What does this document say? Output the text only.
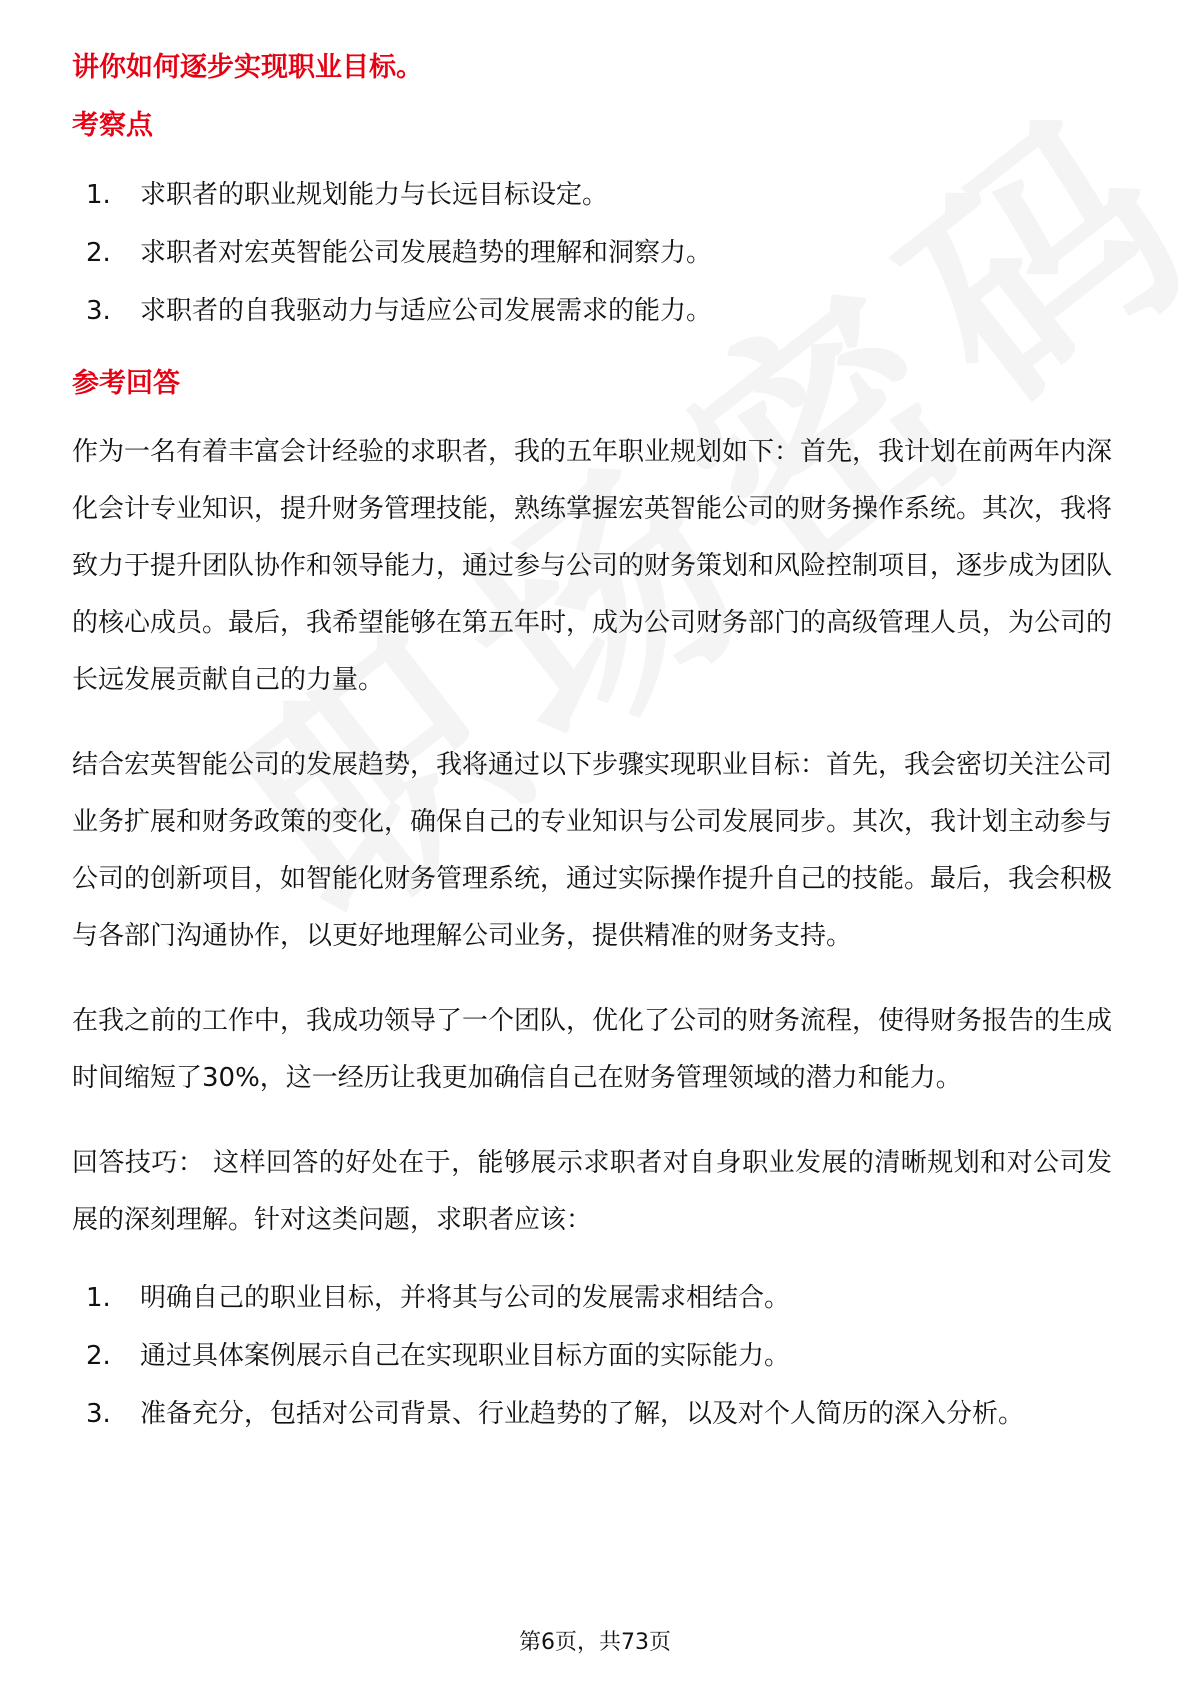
讲你如何逐步实现职业目标。
考察点
1.	求职者的职业规划能力与长远目标设定。
2.	求职者对宏英智能公司发展趋势的理解和洞察力。
3.	求职者的自我驱动力与适应公司发展需求的能力。
参考回答

作为一名有着丰富会计经验的求职者，我的五年职业规划如下：首先，我计划在前两年内深化会计专业知识，提升财务管理技能，熟练掌握宏英智能公司的财务操作系统。其次，我将致力于提升团队协作和领导能力，通过参与公司的财务策划和风险控制项目，逐步成为团队的核心成员。最后，我希望能够在第五年时，成为公司财务部门的高级管理人员，为公司的长远发展贡献自己的力量。

结合宏英智能公司的发展趋势，我将通过以下步骤实现职业目标：首先，我会密切关注公司业务扩展和财务政策的变化，确保自己的专业知识与公司发展同步。其次，我计划主动参与公司的创新项目，如智能化财务管理系统，通过实际操作提升自己的技能。最后，我会积极与各部门沟通协作，以更好地理解公司业务，提供精准的财务支持。

在我之前的工作中，我成功领导了一个团队，优化了公司的财务流程，使得财务报告的生成时间缩短了30%，这一经历让我更加确信自己在财务管理领域的潜力和能力。

回答技巧： 这样回答的好处在于，能够展示求职者对自身职业发展的清晰规划和对公司发展的深刻理解。针对这类问题，求职者应该：

1.	明确自己的职业目标，并将其与公司的发展需求相结合。
2.	通过具体案例展示自己在实现职业目标方面的实际能力。
3.	准备充分，包括对公司背景、行业趋势的了解，以及对个人简历的深入分析。
第6页，共73页
